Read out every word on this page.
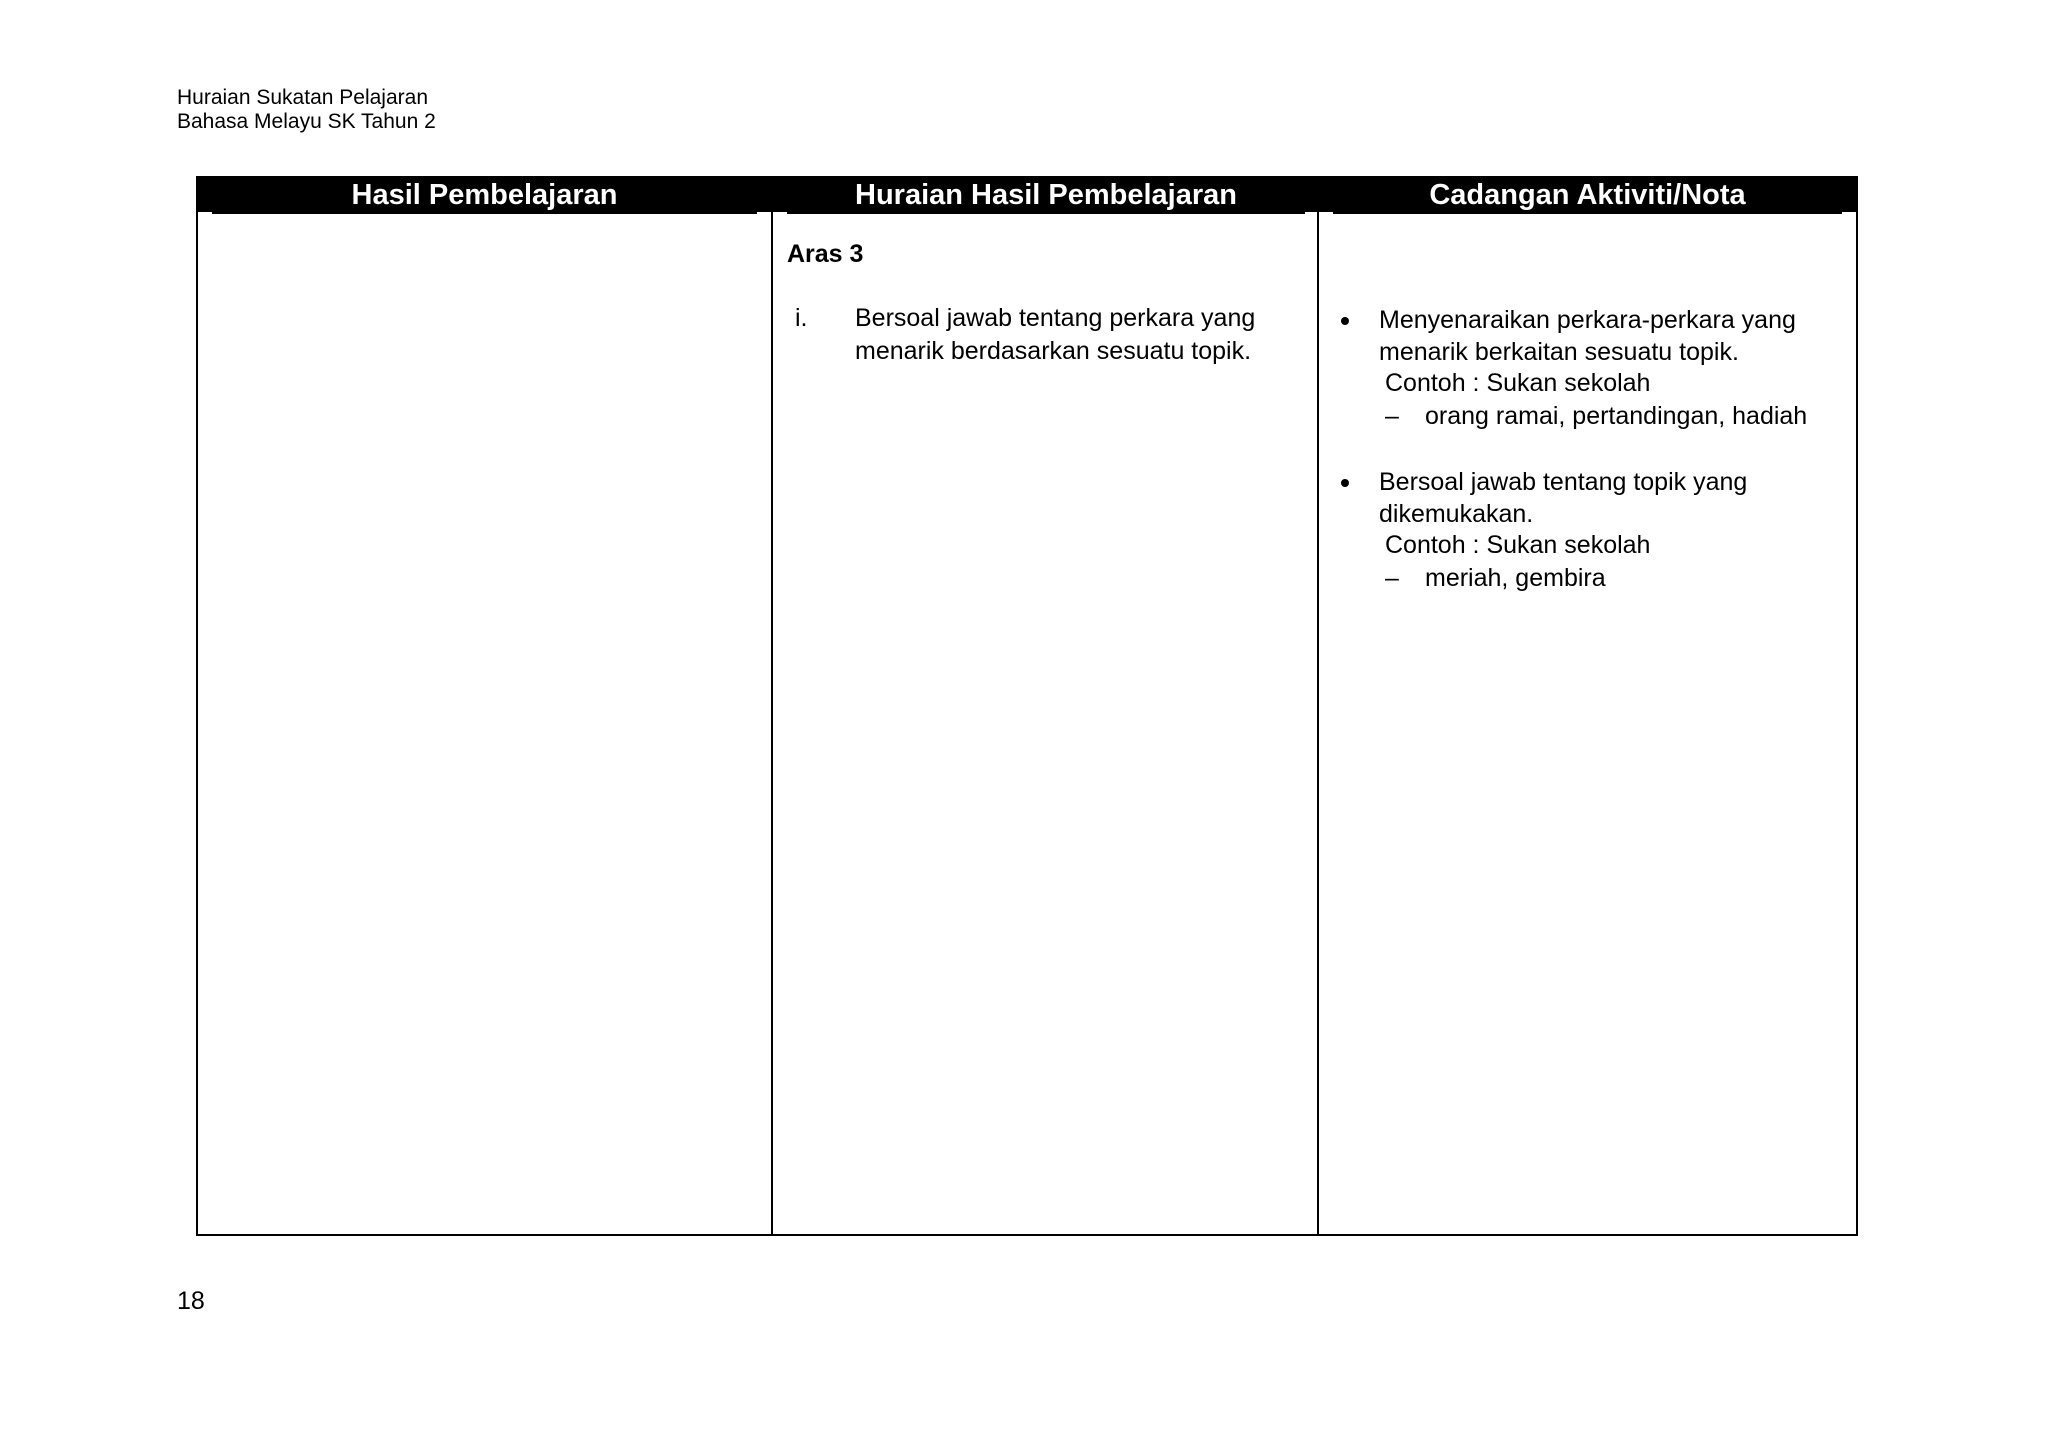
Huraian Sukatan Pelajaran
Bahasa Melayu SK Tahun 2
Hasil Pembelajaran	Huraian Hasil Pembelajaran
Aras 3
i. Bersoal jawab tentang perkara yang
menarik berdasarkan sesuatu topik.
Cadangan Aktiviti/Nota
Menyenaraikan perkara-perkara yang
menarik berkaitan sesuatu topik.
Contoh : Sukan sekolah
– orang ramai, pertandingan, hadiah
Bersoal jawab tentang topik yang
dikemukakan.
Contoh : Sukan sekolah
– meriah, gembira
18
